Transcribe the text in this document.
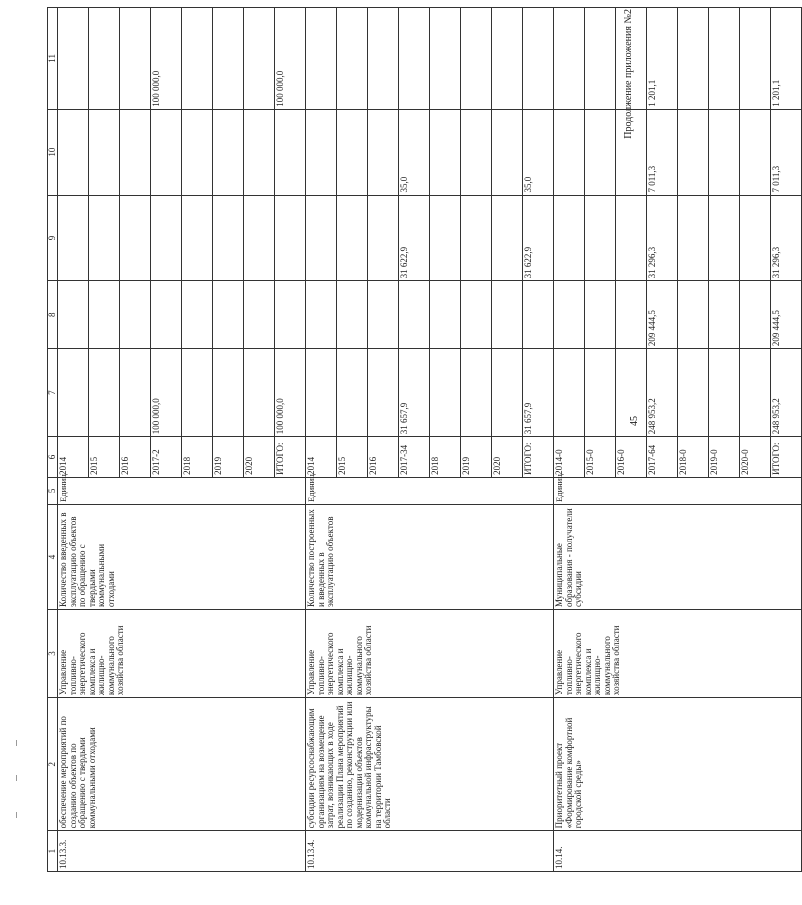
45
Продолжение приложения №2
1	2	3	4	5	6	7	8	9	10	11
10.13.3.	обеспечение мероприятий по созданию объектов по обращению с твердыми коммунальными отходами	Управление топливно-энергетического комплекса и жилищно-коммунального хозяйства области	Количество введенных в эксплуатацию объектов по обращению с твердыми коммунальными отходами	Единиц	2014					
					2015					
					2016					
					2017-2	100 000,0				100 000,0
					2018					
					2019					
					2020					
					ИТОГО:	100 000,0				100 000,0
10.13.4.	субсидии ресурсоснабжающим организациям на возмещение затрат, возникающих в ходе реализации Плана мероприятий по созданию, реконструкции или модернизации объектов коммунальной инфраструктуры на территории Тамбовской области	Управление топливно-энергетического комплекса и жилищно-коммунального хозяйства области	Количество построенных и введенных в эксплуатацию объектов	Единиц	2014					
					2015					
					2016					
					2017-34	31 657,9		31 622,9	35,0	
					2018					
					2019					
					2020					
					ИТОГО:	31 657,9		31 622,9	35,0	
10.14.	Приоритетный проект «Формирование комфортной городской среды»	Управление топливно-энергетического комплекса и жилищно-коммунального хозяйства области	Муниципальные образования - получатели субсидии	Единиц	2014-0					
					2015-0					
					2016-0					
					2017-64	248 953,2	209 444,5	31 296,3	7 011,3	1 201,1
					2018-0					
					2019-0					
					2020-0					
					ИТОГО:	248 953,2	209 444,5	31 296,3	7 011,3	1 201,1
